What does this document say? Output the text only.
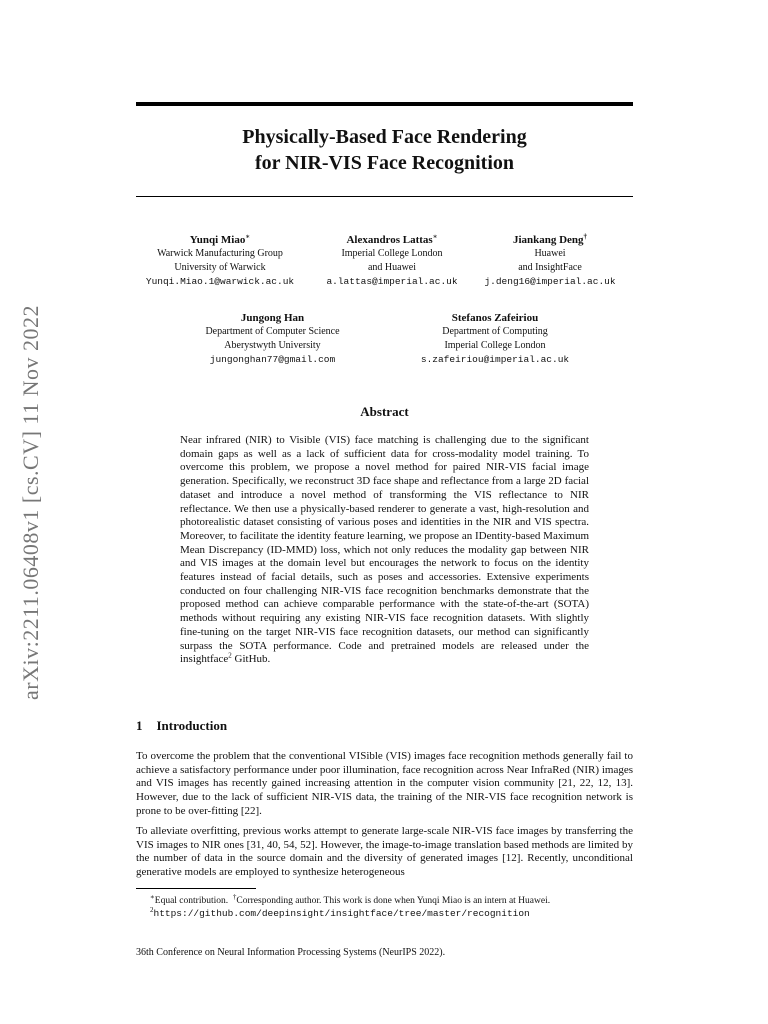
arXiv:2211.06408v1 [cs.CV] 11 Nov 2022
Physically-Based Face Rendering
for NIR-VIS Face Recognition
Yunqi Miao∗
Warwick Manufacturing Group
University of Warwick
Yunqi.Miao.1@warwick.ac.uk
Alexandros Lattas∗
Imperial College London
and Huawei
a.lattas@imperial.ac.uk
Jiankang Deng†
Huawei
and InsightFace
j.deng16@imperial.ac.uk
Jungong Han
Department of Computer Science
Aberystwyth University
jungonghan77@gmail.com
Stefanos Zafeiriou
Department of Computing
Imperial College London
s.zafeiriou@imperial.ac.uk
Abstract
Near infrared (NIR) to Visible (VIS) face matching is challenging due to the significant domain gaps as well as a lack of sufficient data for cross-modality model training. To overcome this problem, we propose a novel method for paired NIR-VIS facial image generation. Specifically, we reconstruct 3D face shape and reflectance from a large 2D facial dataset and introduce a novel method of transforming the VIS reflectance to NIR reflectance. We then use a physically-based renderer to generate a vast, high-resolution and photorealistic dataset consisting of various poses and identities in the NIR and VIS spectra. Moreover, to facilitate the identity feature learning, we propose an IDentity-based Maximum Mean Discrepancy (ID-MMD) loss, which not only reduces the modality gap between NIR and VIS images at the domain level but encourages the network to focus on the identity features instead of facial details, such as poses and accessories. Extensive experiments conducted on four challenging NIR-VIS face recognition benchmarks demonstrate that the proposed method can achieve comparable performance with the state-of-the-art (SOTA) methods without requiring any existing NIR-VIS face recognition datasets. With slightly fine-tuning on the target NIR-VIS face recognition datasets, our method can significantly surpass the SOTA performance. Code and pretrained models are released under the insightface$^2$ GitHub.
1 Introduction
To overcome the problem that the conventional VISible (VIS) images face recognition methods generally fail to achieve a satisfactory performance under poor illumination, face recognition across Near InfraRed (NIR) images and VIS images has recently gained increasing attention in the computer vision community [21, 22, 12, 13]. However, due to the lack of sufficient NIR-VIS data, the training of the NIR-VIS face recognition network is prone to be over-fitting [22].
To alleviate overfitting, previous works attempt to generate large-scale NIR-VIS face images by transferring the VIS images to NIR ones [31, 40, 54, 52]. However, the image-to-image translation based methods are limited by the number of data in the source domain and the diversity of generated images [12]. Recently, unconditional generative models are employed to synthesize heterogeneous
∗Equal contribution. †Corresponding author. This work is done when Yunqi Miao is an intern at Huawei.
$^2$https://github.com/deepinsight/insightface/tree/master/recognition
36th Conference on Neural Information Processing Systems (NeurIPS 2022).
